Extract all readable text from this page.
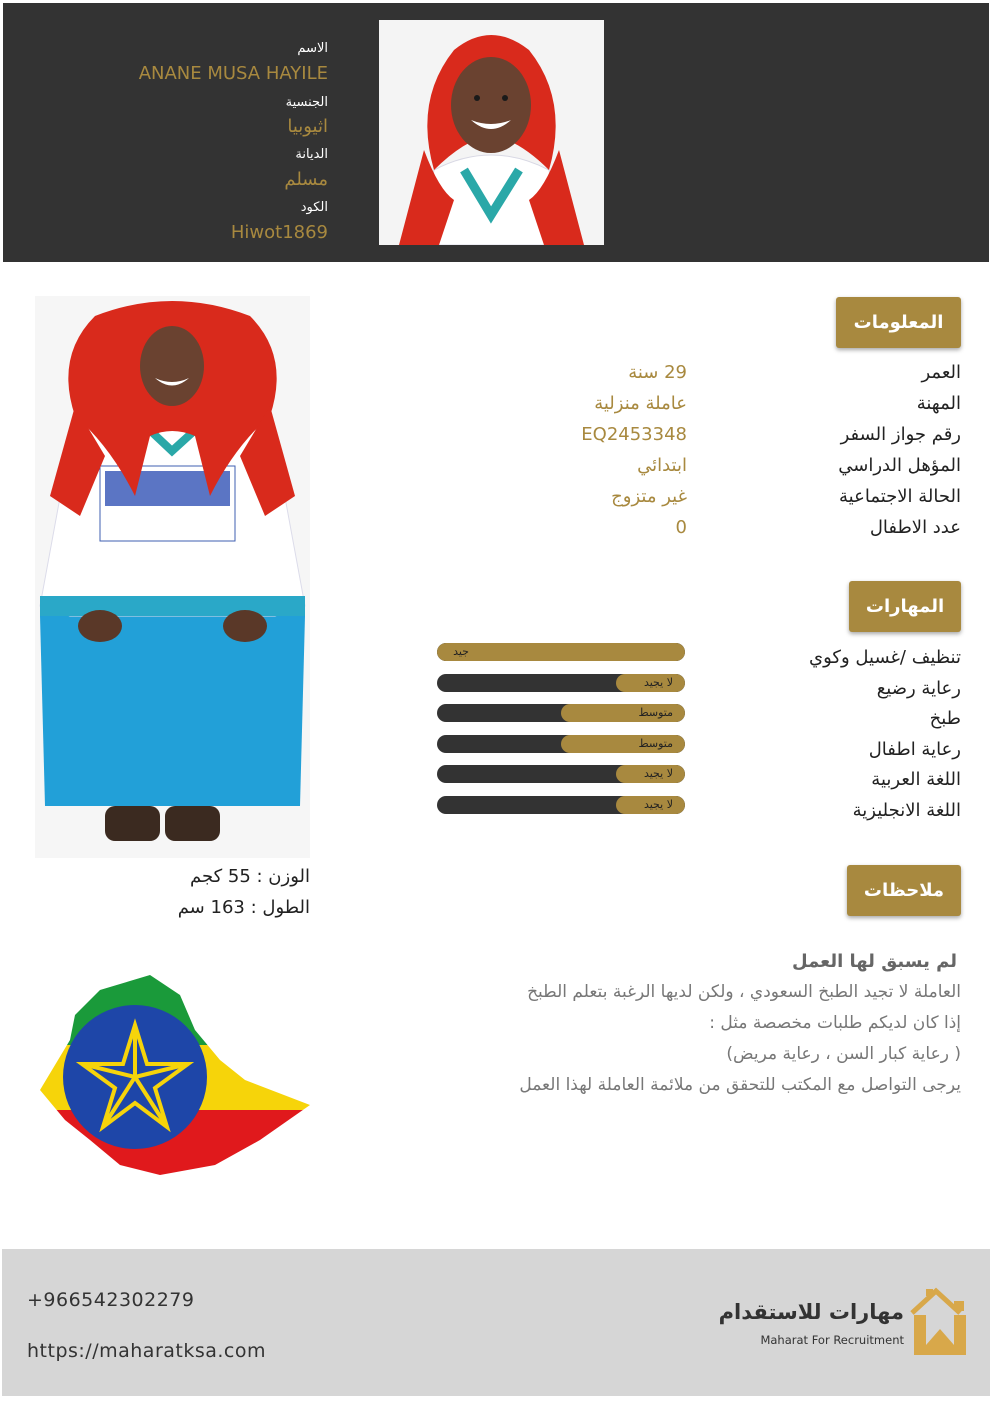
الاسم
ANANE MUSA HAYILE
الجنسية
اثيوبيا
الديانة
مسلم
الكود
Hiwot1869
الوزن : 55 كجم
الطول : 163 سم
المعلومات
العمر
29 سنة
المهنة
عاملة منزلية
رقم جواز السفر
EQ2453348
المؤهل الدراسي
ابتدائي
الحالة الاجتماعية
غير متزوج
عدد الاطفال
0
المهارات
تنظيف /غسيل وكوي
جيد
رعاية رضيع
لا يجيد
طبخ
متوسط
رعاية اطفال
متوسط
اللغة العربية
لا يجيد
اللغة الانجليزية
لا يجيد
ملاحظات
لم يسبق لها العمل
العاملة لا تجيد الطبخ السعودي ، ولكن لديها الرغبة بتعلم الطبخ
إذا كان لديكم طلبات مخصصة مثل :
( رعاية كبار السن ، رعاية مريض)
يرجى التواصل مع المكتب للتحقق من ملائمة العاملة لهذا العمل
+966542302279
https://maharatksa.com
مهارات للاستقدام
Maharat For Recruitment
